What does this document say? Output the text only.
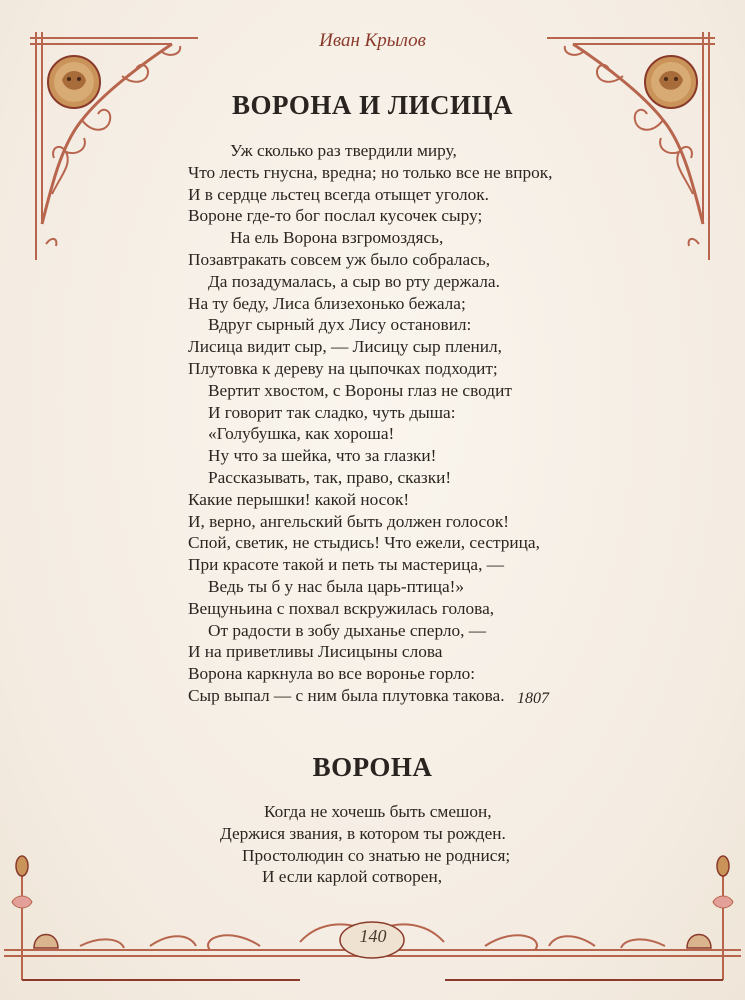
Иван Крылов
ВОРОНА И ЛИСИЦА
Уж сколько раз твердили миру,
Что лесть гнусна, вредна; но только все не впрок,
И в сердце льстец всегда отыщет уголок.
Вороне где-то бог послал кусочек сыру;
На ель Ворона взгромоздясь,
Позавтракать совсем уж было собралась,
Да позадумалась, а сыр во рту держала.
На ту беду, Лиса близехонько бежала;
Вдруг сырный дух Лису остановил:
Лисица видит сыр, — Лисицу сыр пленил,
Плутовка к дереву на цыпочках подходит;
Вертит хвостом, с Вороны глаз не сводит
И говорит так сладко, чуть дыша:
«Голубушка, как хороша!
Ну что за шейка, что за глазки!
Рассказывать, так, право, сказки!
Какие перышки! какой носок!
И, верно, ангельский быть должен голосок!
Спой, светик, не стыдись! Что ежели, сестрица,
При красоте такой и петь ты мастерица, —
Ведь ты б у нас была царь-птица!»
Вещуньина с похвал вскружилась голова,
От радости в зобу дыханье сперло, —
И на приветливы Лисицыны слова
Ворона каркнула во все воронье горло:
Сыр выпал — с ним была плутовка такова. 1807
ВОРОНА
Когда не хочешь быть смешон,
Держися звания, в котором ты рожден.
Простолюдин со знатью не роднися;
И если карлой сотворен,
140
